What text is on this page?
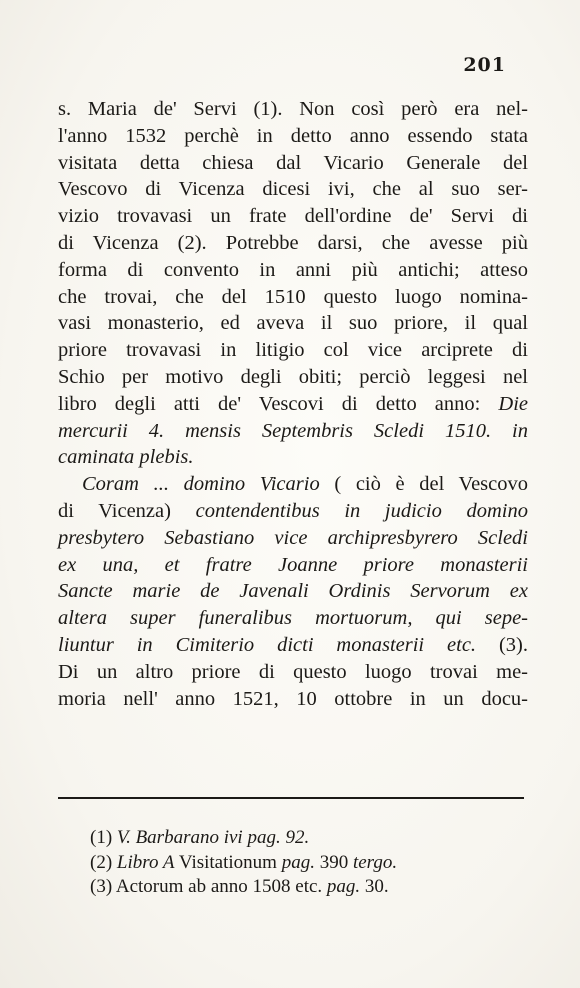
201
s. Maria de' Servi (1). Non così però era nel-
l'anno 1532 perchè in detto anno essendo stata
visitata detta chiesa dal Vicario Generale del
Vescovo di Vicenza dicesi ivi, che al suo ser-
vizio trovavasi un frate dell'ordine de' Servi di
di Vicenza (2). Potrebbe darsi, che avesse più
forma di convento in anni più antichi; atteso
che trovai, che del 1510 questo luogo nomina-
vasi monasterio, ed aveva il suo priore, il qual
priore trovavasi in litigio col vice arciprete di
Schio per motivo degli obiti; perciò leggesi nel
libro degli atti de' Vescovi di detto anno: Die
mercurii 4. mensis Septembris Scledi 1510. in
caminata plebis.
Coram ... domino Vicario ( ciò è del Vescovo
di Vicenza) contendentibus in judicio domino
presbytero Sebastiano vice archipresbyrero Scledi
ex una, et fratre Joanne priore monasterii
Sancte marie de Javenali Ordinis Servorum ex
altera super funeralibus mortuorum, qui sepe-
liuntur in Cimiterio dicti monasterii etc. (3).
Di un altro priore di questo luogo trovai me-
moria nell' anno 1521, 10 ottobre in un docu-
(1) V. Barbarano ivi pag. 92.
(2) Libro A Visitationum pag. 390 tergo.
(3) Actorum ab anno 1508 etc. pag. 30.
